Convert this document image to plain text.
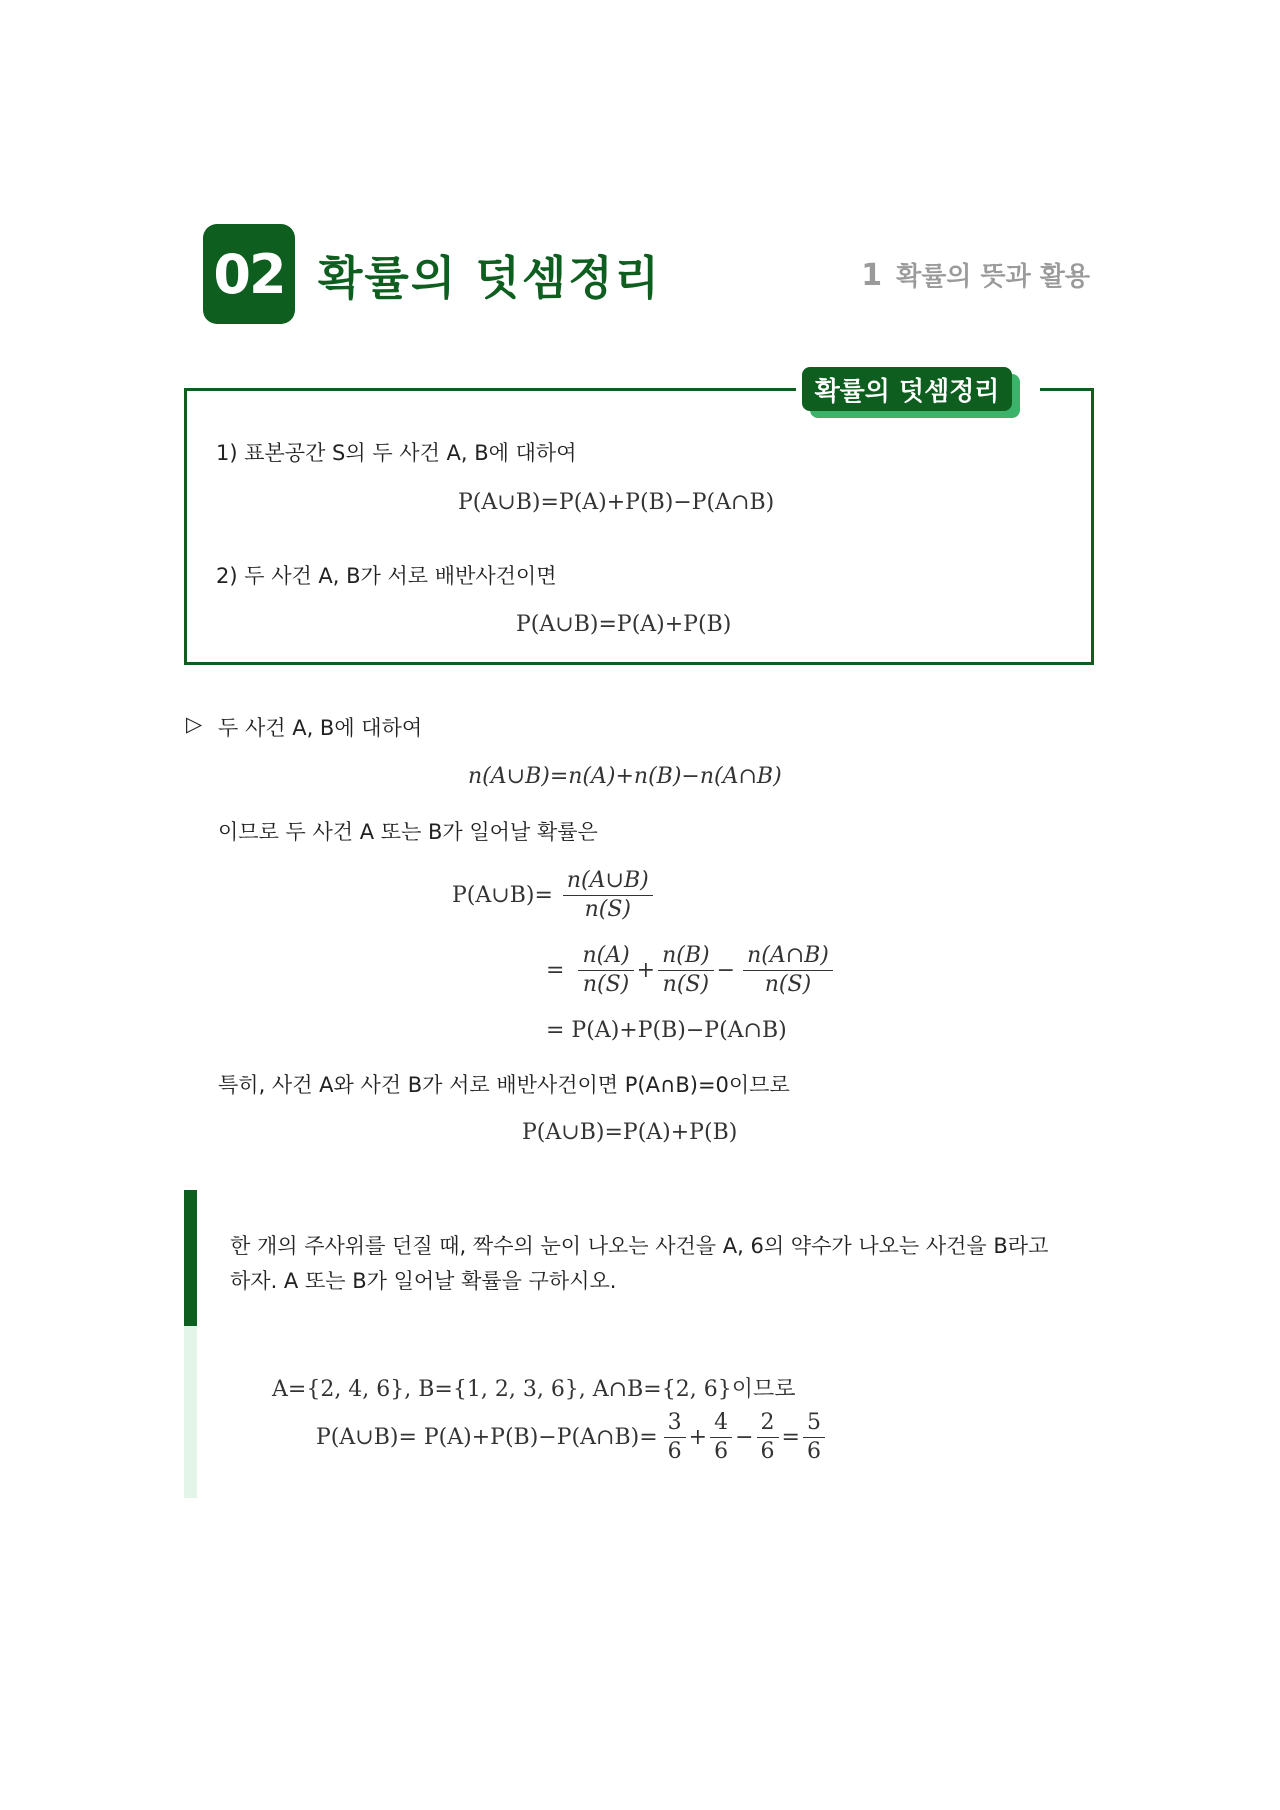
02 확률의 덧셈정리	1 확률의 뜻과 활용
확률의 덧셈정리
1) 표본공간 S의 두 사건 A, B에 대하여
P(A∪B)=P(A)+P(B)−P(A∩B)
2) 두 사건 A, B가 서로 배반사건이면
P(A∪B)=P(A)+P(B)
▷ 두 사건 A, B에 대하여
n(A∪B)=n(A)+n(B)−n(A∩B)
이므로 두 사건 A 또는 B가 일어날 확률은
P(A∪B)= $\frac{n(A\cup B)}{n(S)}$
= $\frac{n(A)}{n(S)} + \frac{n(B)}{n(S)} - \frac{n(A\cap B)}{n(S)}$
= P(A)+P(B)−P(A∩B)
특히, 사건 A와 사건 B가 서로 배반사건이면 P(A∩B)=0이므로
P(A∪B)=P(A)+P(B)
한 개의 주사위를 던질 때, 짝수의 눈이 나오는 사건을 A, 6의 약수가 나오는 사건을 B라고
하자. A 또는 B가 일어날 확률을 구하시오.
A={2, 4, 6}, B={1, 2, 3, 6}, A∩B={2, 6}이므로
P(A∪B)= P(A)+P(B)−P(A∩B)= $\frac{3}{6} + \frac{4}{6} - \frac{2}{6} = \frac{5}{6}$
